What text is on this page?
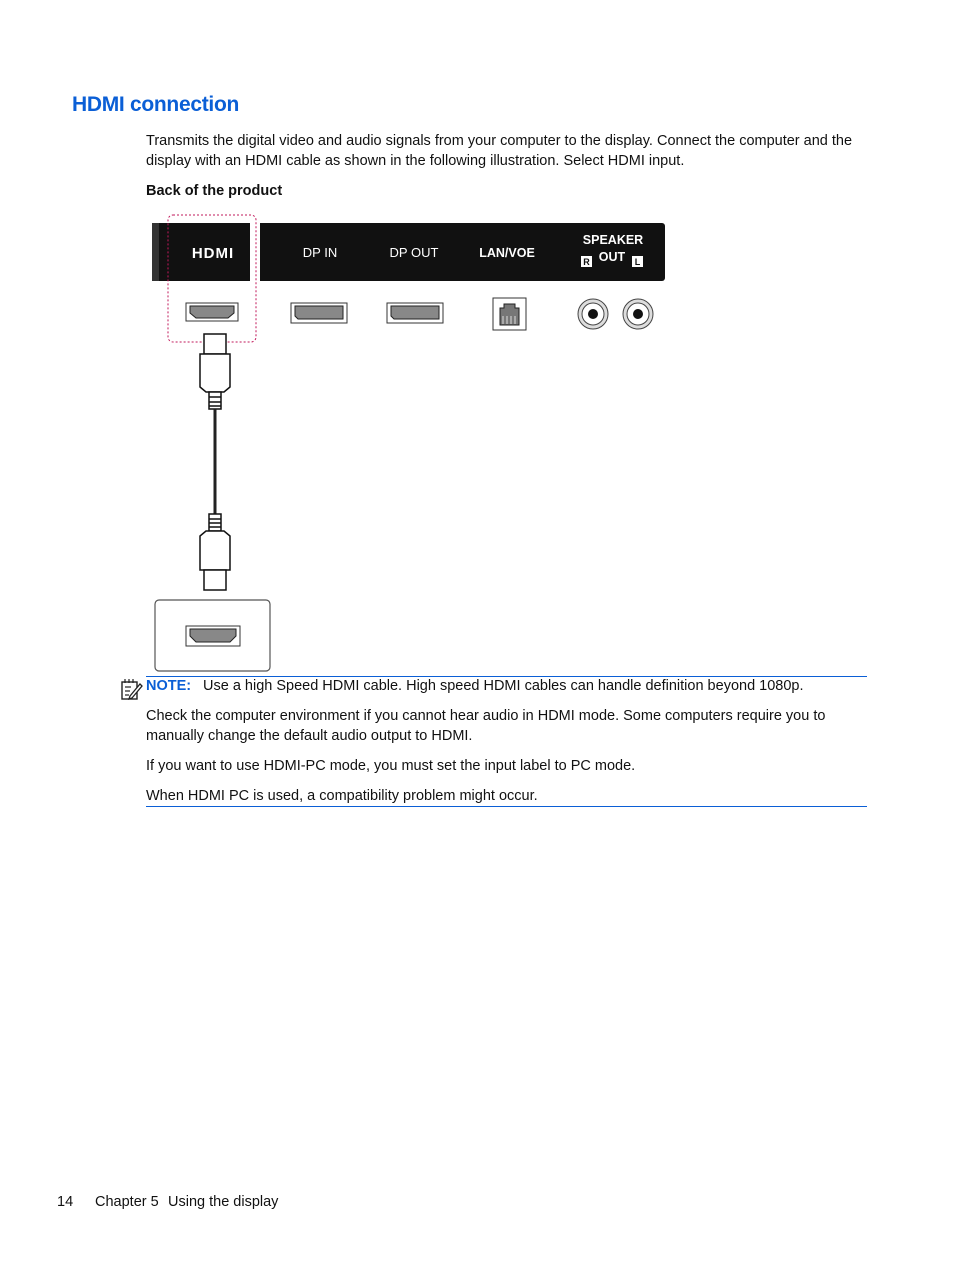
HDMI connection
Transmits the digital video and audio signals from your computer to the display. Connect the computer and the display with an HDMI cable as shown in the following illustration. Select HDMI input.
Back of the product
HDMI	DP IN	DP OUT	LAN/VOE
SPEAKER
OUT
R	L
NOTE: Use a high Speed HDMI cable. High speed HDMI cables can handle definition beyond 1080p.
Check the computer environment if you cannot hear audio in HDMI mode. Some computers require you to manually change the default audio output to HDMI.
If you want to use HDMI-PC mode, you must set the input label to PC mode.
When HDMI PC is used, a compatibility problem might occur.
14 Chapter 5 Using the display
